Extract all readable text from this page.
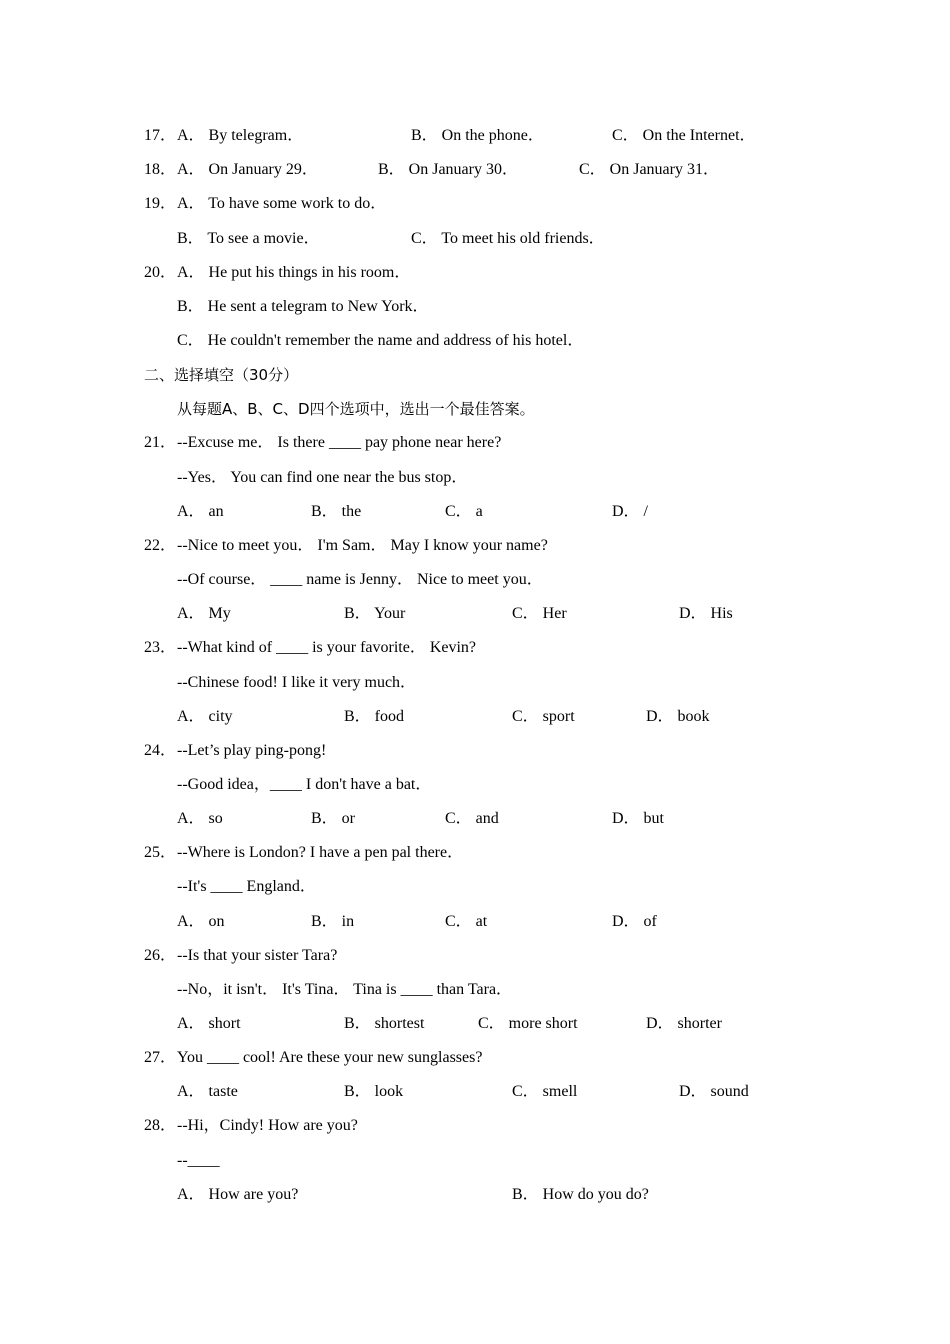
17． A． By telegram．	B． On the phone．	C． On the Internet．
18． A． On January 29．	B． On January 30．	C． On January 31．
19． A． To have some work to do．
B． To see a movie．	C． To meet his old friends．
20． A． He put his things in his room．
B． He sent a telegram to New York．
C． He couldn't remember the name and address of his hotel．
二、选择填空（30分）
从每题A、B、C、D四个选项中，选出一个最佳答案。
21． --Excuse me． Is there ____ pay phone near here?
--Yes． You can find one near the bus stop．
A． an	B． the	C． a	D． /
22． --Nice to meet you． I'm Sam． May I know your name?
--Of course． ____ name is Jenny． Nice to meet you．
A． My	B． Your	C． Her	D． His
23． --What kind of ____ is your favorite． Kevin?
--Chinese food! I like it very much．
A． city	B． food	C． sport	D． book
24． --Let’s play ping-pong!
--Good idea，____ I don't have a bat．
A． so	B． or	C． and	D． but
25． --Where is London? I have a pen pal there．
--It's ____ England．
A． on	B． in	C． at	D． of
26． --Is that your sister Tara?
--No，it isn't． It's Tina． Tina is ____ than Tara．
A． short	B． shortest	C． more short	D． shorter
27． You ____ cool! Are these your new sunglasses?
A． taste	B． look	C． smell	D． sound
28． --Hi，Cindy! How are you?
--____
A． How are you?	B． How do you do?
